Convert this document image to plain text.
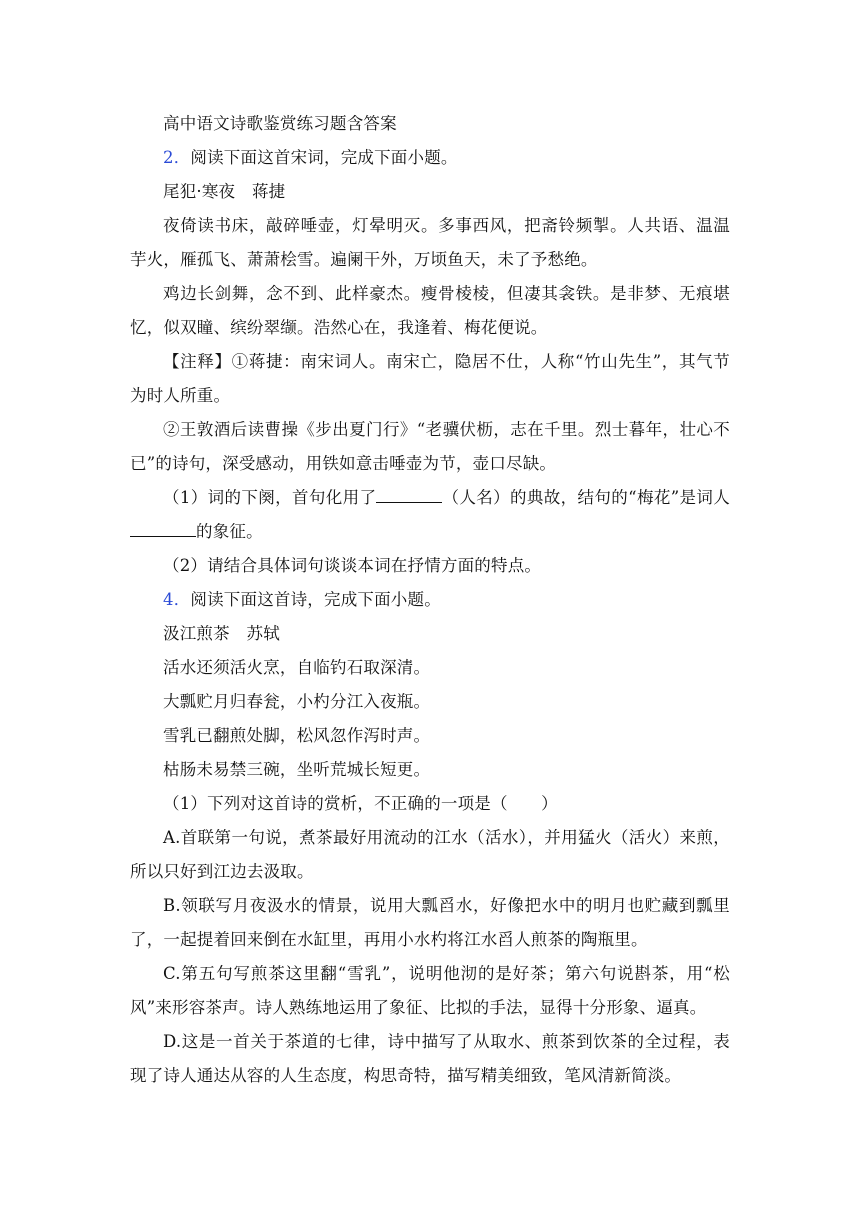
高中语文诗歌鉴赏练习题含答案

2．阅读下面这首宋词，完成下面小题。

尾犯·寒夜　蒋捷

夜倚读书床，敲碎唾壶，灯晕明灭。多事西风，把斋铃频掣。人共语、温温芋火，雁孤飞、萧萧桧雪。遍阑干外，万顷鱼天，未了予愁绝。

鸡边长剑舞，念不到、此样豪杰。瘦骨棱棱，但凄其衾铁。是非梦、无痕堪忆，似双瞳、缤纷翠缬。浩然心在，我逢着、梅花便说。

【注释】①蒋捷：南宋词人。南宋亡，隐居不仕，人称“竹山先生”，其气节为时人所重。

②王敦酒后读曹操《步出夏门行》“老骥伏枥，志在千里。烈士暮年，壮心不已”的诗句，深受感动，用铁如意击唾壶为节，壶口尽缺。

（1）词的下阕，首句化用了	（人名）的典故，结句的“梅花”是词人的象征。

（2）请结合具体词句谈谈本词在抒情方面的特点。

4．阅读下面这首诗，完成下面小题。

汲江煎茶　苏轼

活水还须活火烹，自临钓石取深清。

大瓢贮月归春瓮，小杓分江入夜瓶。

雪乳已翻煎处脚，松风忽作泻时声。

枯肠未易禁三碗，坐听荒城长短更。

（1）下列对这首诗的赏析，不正确的一项是（　　）

A.首联第一句说，煮茶最好用流动的江水（活水），并用猛火（活火）来煎，所以只好到江边去汲取。

B.领联写月夜汲水的情景，说用大瓢舀水，好像把水中的明月也贮藏到瓢里了，一起提着回来倒在水缸里，再用小水杓将江水舀人煎茶的陶瓶里。

C.第五句写煎茶这里翻“雪乳”，说明他沏的是好茶；第六句说斟茶，用“松风”来形容茶声。诗人熟练地运用了象征、比拟的手法，显得十分形象、逼真。

D.这是一首关于茶道的七律，诗中描写了从取水、煎茶到饮茶的全过程，表现了诗人通达从容的人生态度，构思奇特，描写精美细致，笔风清新简淡。
